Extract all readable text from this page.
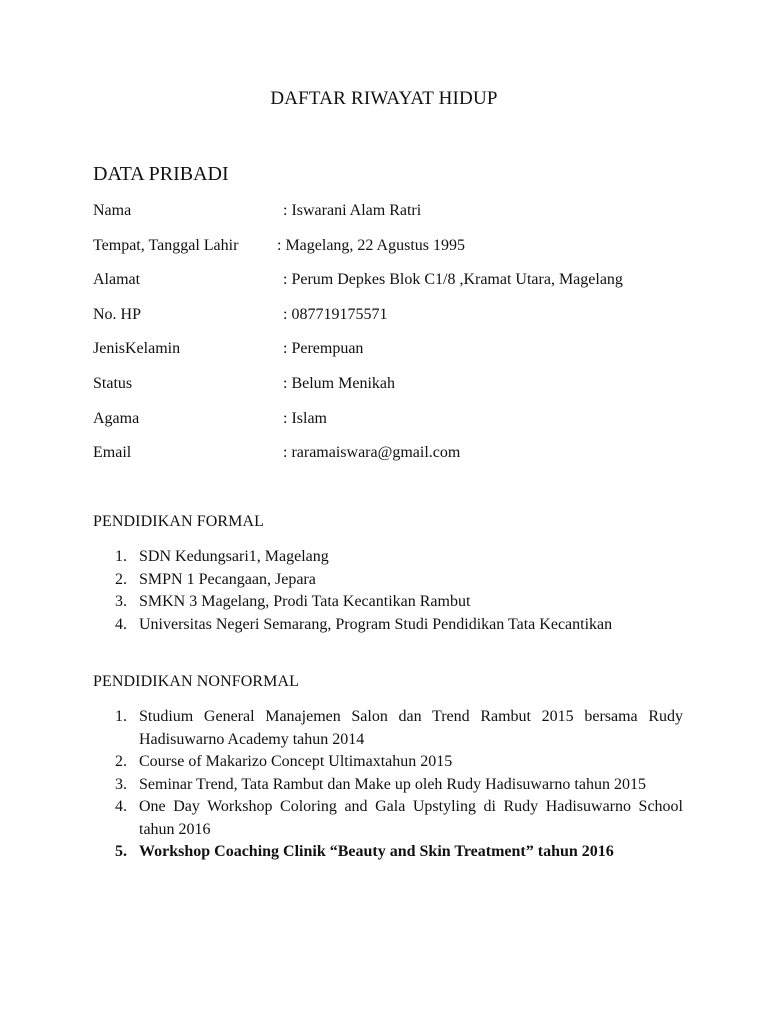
DAFTAR RIWAYAT HIDUP
DATA PRIBADI
Nama	: Iswarani Alam Ratri
Tempat, Tanggal Lahir : Magelang, 22 Agustus 1995
Alamat	: Perum Depkes Blok C1/8 ,Kramat Utara, Magelang
No. HP	: 087719175571
JenisKelamin	: Perempuan
Status	: Belum Menikah
Agama	: Islam
Email	: raramaiswara@gmail.com
PENDIDIKAN FORMAL
1. SDN Kedungsari1, Magelang
2. SMPN 1 Pecangaan, Jepara
3. SMKN 3 Magelang, Prodi Tata Kecantikan Rambut
4. Universitas Negeri Semarang, Program Studi Pendidikan Tata Kecantikan
PENDIDIKAN NONFORMAL
1. Studium General Manajemen Salon dan Trend Rambut 2015 bersama Rudy Hadisuwarno Academy tahun 2014
2. Course of Makarizo Concept Ultimaxtahun 2015
3. Seminar Trend, Tata Rambut dan Make up oleh Rudy Hadisuwarno tahun 2015
4. One Day Workshop Coloring and Gala Upstyling di Rudy Hadisuwarno School tahun 2016
5. Workshop Coaching Clinik “Beauty and Skin Treatment” tahun 2016
